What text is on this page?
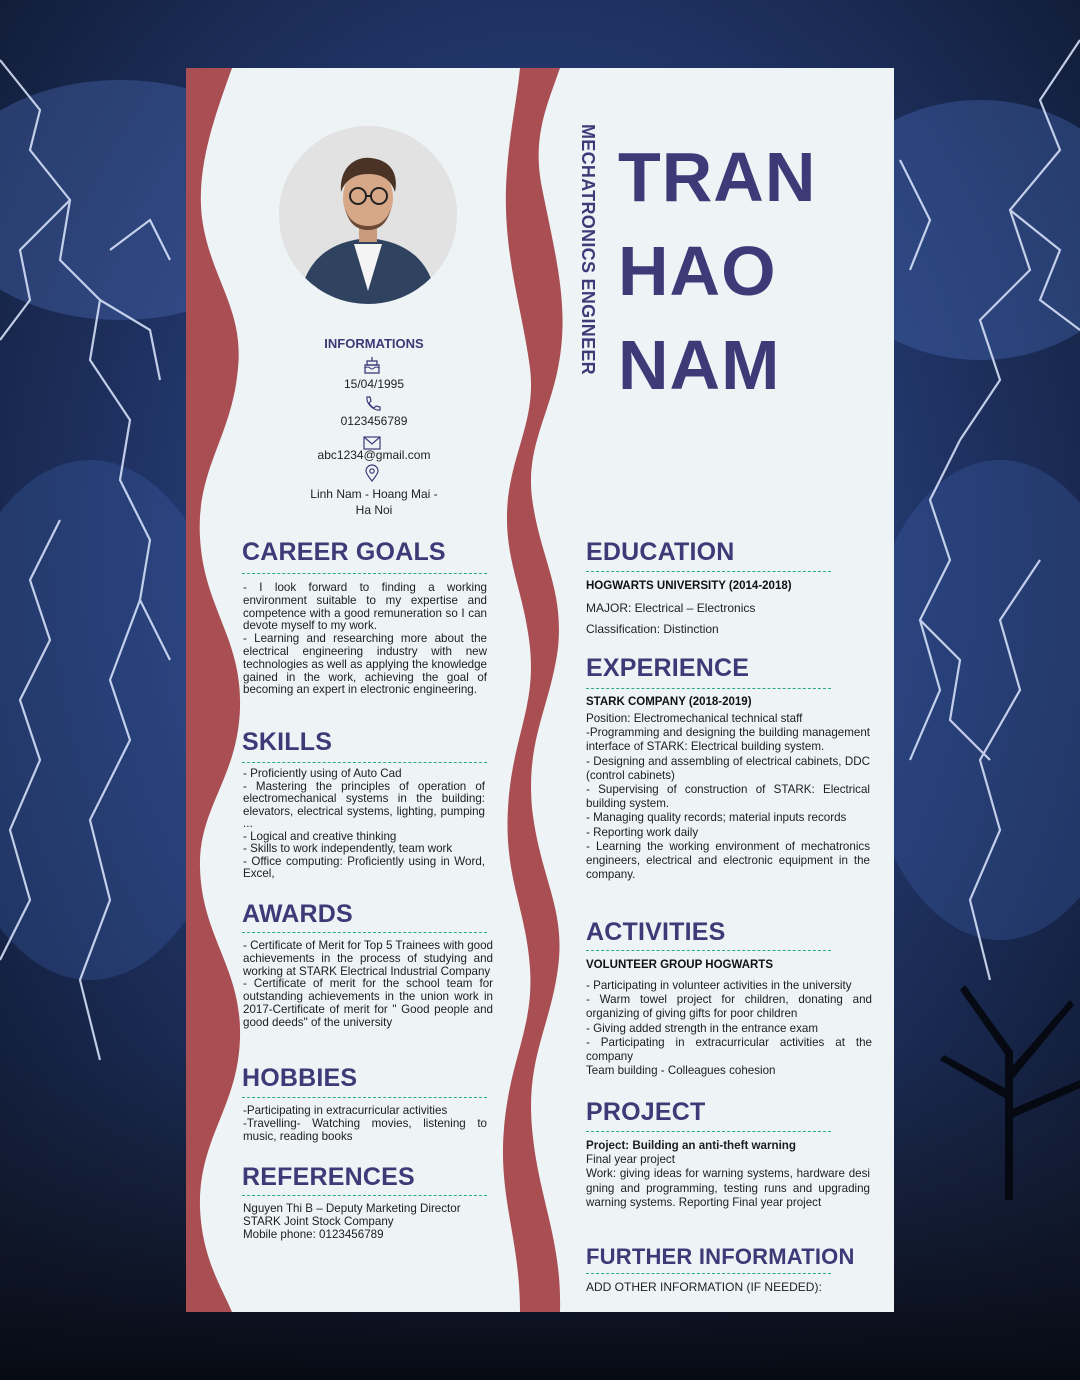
INFORMATIONS
15/04/1995
0123456789
abc1234@gmail.com
Linh Nam - Hoang Mai -
Ha Noi
MECHATRONICS ENGINEER TRAN
HAO
NAM
CAREER GOALS

- I look forward to finding a working environment suitable to my expertise and competence with a good remuneration so I can devote myself to my work.

- Learning and researching more about the electrical engineering industry with new technologies as well as applying the knowledge gained in the work, achieving the goal of becoming an expert in electronic engineering.

SKILLS

- Proficiently using of Auto Cad

- Mastering the principles of operation of electromechanical systems in the building: elevators, electrical systems, lighting, pumping ...

- Logical and creative thinking

- Skills to work independently, team work

- Office computing: Proficiently using in Word, Excel,

AWARDS

- Certificate of Merit for Top 5 Trainees with good achievements in the process of studying and working at STARK Electrical Industrial Company

- Certificate of merit for the school team for outstanding achievements in the union work in 2017-Certificate of merit for " Good people and good deeds" of the university

HOBBIES

-Participating in extracurricular activities

-Travelling- Watching movies, listening to music, reading books

REFERENCES

Nguyen Thi B – Deputy Marketing Director

STARK Joint Stock Company

Mobile phone: 0123456789

EDUCATION
HOGWARTS UNIVERSITY (2014-2018)
MAJOR: Electrical – Electronics
Classification: Distinction
EXPERIENCE
STARK COMPANY (2018-2019)

Position: Electromechanical technical staff

-Programming and designing the building management interface of STARK: Electrical building system.

- Designing and assembling of electrical cabinets, DDC (control cabinets)

- Supervising of construction of STARK: Electrical building system.

- Managing quality records; material inputs records

- Reporting work daily

- Learning the working environment of mechatronics engineers, electrical and electronic equipment in the company.

ACTIVITIES
VOLUNTEER GROUP HOGWARTS

- Participating in volunteer activities in the university

- Warm towel project for children, donating and organizing of giving gifts for poor children

- Giving added strength in the entrance exam

- Participating in extracurricular activities at the company

Team building - Colleagues cohesion

PROJECT

Project: Building an anti-theft warning

Final year project

Work: giving ideas for warning systems, hardware desi gning and programming, testing runs and upgrading warning systems. Reporting Final year project

FURTHER INFORMATION
ADD OTHER INFORMATION (IF NEEDED):
